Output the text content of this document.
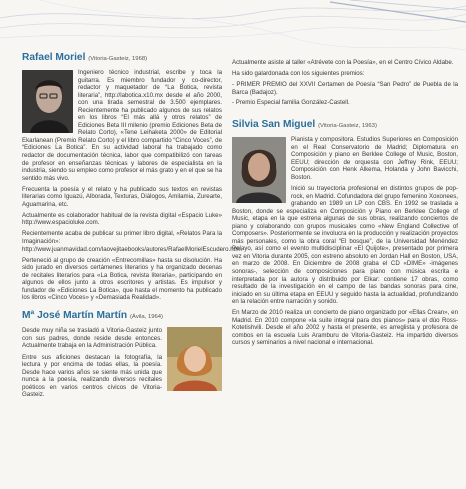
Rafael Moriel (Vitoria-Gasteiz, 1968)

Ingeniero técnico industrial, escribe y toca la guitarra. Es miembro fundador y co-director, redactor y maquetador de “La Botica, revista literaria”, http://labotica.x10.mx desde el año 2000, con una tirada semestral de 3.500 ejemplares. Recientemente ha publicado algunos de sus relatos en los libros “El más allá y otros relatos” de Ediciones Beta III milenio (premio Ediciones Beta de Relato Corto), «Tene Leihaketa 2000» de Editorial Ekarlanean (Premio Relato Corto) y el libro compartido “Cinco Voces”, de “Ediciones La Botica”. En su actividad laboral ha trabajado como redactor de documentación técnica, labor que compatibilizó con tareas de profesor en enseñanzas técnicas y labores de especialista en la industria, siendo su empleo como profesor el más grato y en el que se ha sentido más vivo.

Frecuenta la poesía y el relato y ha publicado sus textos en revistas literarias como Iguazú, Alborada, Texturas, Diálogos, Amilamia, Zurearte, Aguamarina, etc.

Actualmente es colaborador habitual de la revista digital «Espacio Luke» http://www.espacioluke.com.

Recientemente acaba de publicar su primer libro digital, «Relatos Para la Imaginación»: http://www.juanmavidad.com/laovejitaebooks/autores/RafaelMorielEscudero.htm.

Perteneció al grupo de creación «Entrecomillas» hasta su disolución. Ha sido jurado en diversos certámenes literarios y ha organizado decenas de recitales literarios para «La Botica, revista literaria», participando en algunos de ellos junto a otros escritores y artistas. Es impulsor y fundador de «Ediciones La Botica», que hasta el momento ha publicado los libros «Cinco Voces» y «Demasiada Realidad».

Mª José Martín Martín (Ávila, 1964)

Desde muy niña se trasladó a Vitoria-Gasteiz junto con sus padres, donde reside desde entonces. Actualmente trabaja en la Administración Pública.

Entre sus aficiones destacan la fotografía, la lectura y por encima de todas ellas, la poesía. Desde hace varios años se siente más unida que nunca a la poesía, realizando diversos recitales poéticos en varios centros cívicos de Vitoria-Gasteiz.

Actualmente asiste al taller «Atrévete con la Poesía», en el Centro Cívico Aldabe.

Ha sido galardonada con los siguientes premios:

- PRIMER PREMIO del XXVII Certamen de Poesía “San Pedro” de Puebla de la Barca (Badajoz).
- Premio Especial familia González-Castell.
Silvia San Miguel (Vitoria-Gasteiz, 1963)

Pianista y compositora. Estudios Superiores en Composición en el Real Conservatorio de Madrid; Diplomatura en Composición y piano en Berklee College of Music, Boston, EEUU; dirección de orquesta con Jeffrey Rink, EEUU; Composición con Henk Alkema, Holanda y John Bavicchi, Boston.

Inició su trayectoria profesional en distintos grupos de pop-rock, en Madrid. Cofundadora del grupo femenino Xoxonees, grabando en 1989 un LP con CBS. En 1992 se traslada a Boston, donde se especializa en Composición y Piano en Berklee College of Music, etapa en la que estrena algunas de sus obras, realizando conciertos de piano y colaborando con grupos musicales como «New England Collective of Composers». Posteriormente se involucra en la producción y realización proyectos más personales, como la obra coral “El bosque”, de la Universidad Menéndez Pelayo, así como el evento multidisciplinar «El Quijote», presentado por primera vez en Vitoria durante 2005, con estreno absoluto en Jordan Hall en Boston, USA, en marzo de 2008. En Diciembre de 2008 graba el CD «DIME» -imágenes sonoras-, selección de composiciones para piano con música escrita e interpretada por la autora y distribuido por Elkar: contiene 17 obras, como resultado de la investigación en el campo de las bandas sonoras para cine, iniciado en su última etapa en EEUU y seguido hasta la actualidad, profundizando en la relación entre narración y sonido.

En Marzo de 2010 realiza un concierto de piano organizado por «Ellas Crean», en Madrid. En 2010 compone «la suite integral para dos pianos» para el dúo Ross-Kotetishvili. Desde el año 2002 y hasta el presente, es arreglista y profesora de combos en la escuela Luis Aramburu de Vitoria-Gasteiz. Ha impartido diversos cursos y seminarios a nivel nacional e internacional.
